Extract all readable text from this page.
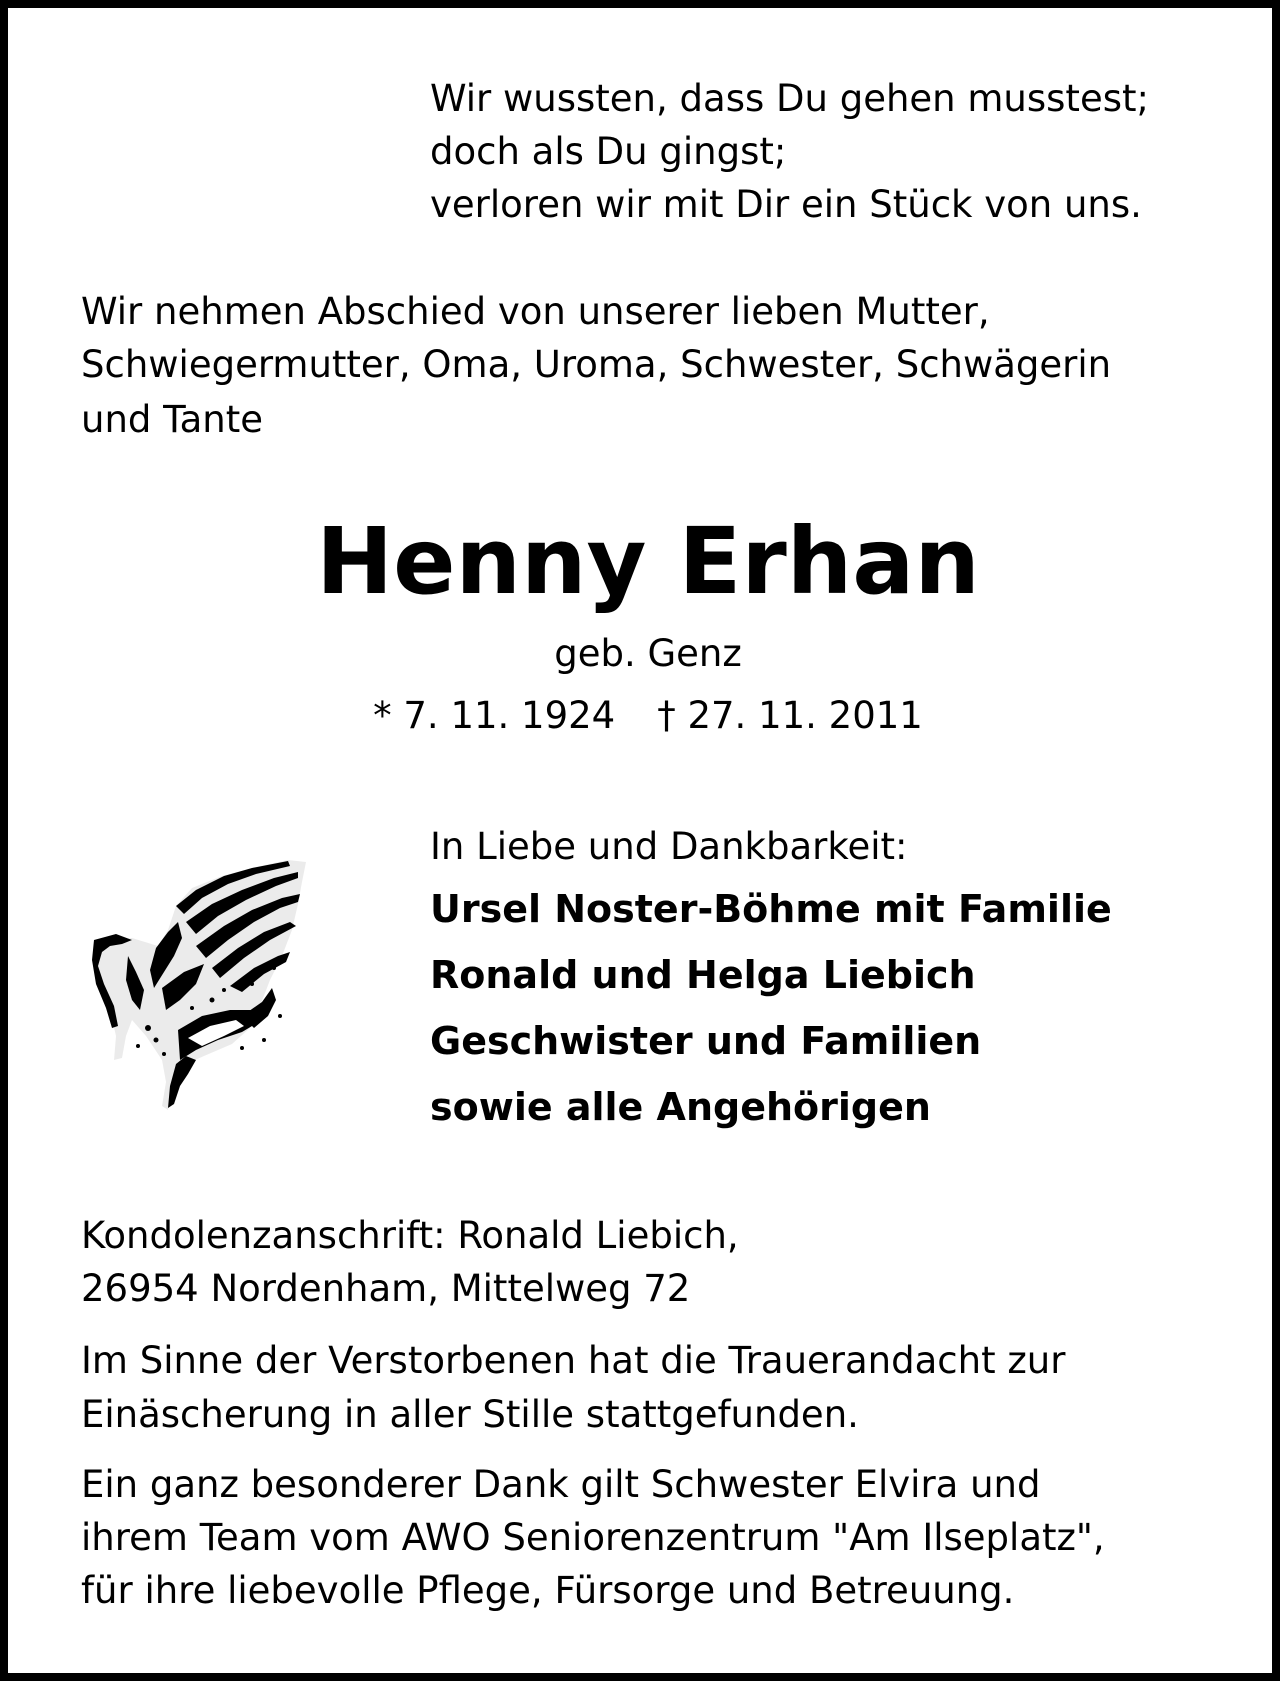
Wir wussten, dass Du gehen musstest;
doch als Du gingst;
verloren wir mit Dir ein Stück von uns.
Wir nehmen Abschied von unserer lieben Mutter,
Schwiegermutter, Oma, Uroma, Schwester, Schwägerin
und Tante
Henny Erhan
geb. Genz
* 7. 11. 1924 † 27. 11. 2011
In Liebe und Dankbarkeit:
Ursel Noster-Böhme mit Familie
Ronald und Helga Liebich
Geschwister und Familien
sowie alle Angehörigen
Kondolenzanschrift: Ronald Liebich,
26954 Nordenham, Mittelweg 72
Im Sinne der Verstorbenen hat die Trauerandacht zur
Einäscherung in aller Stille stattgefunden.
Ein ganz besonderer Dank gilt Schwester Elvira und
ihrem Team vom AWO Seniorenzentrum "Am Ilseplatz",
für ihre liebevolle Pflege, Fürsorge und Betreuung.
